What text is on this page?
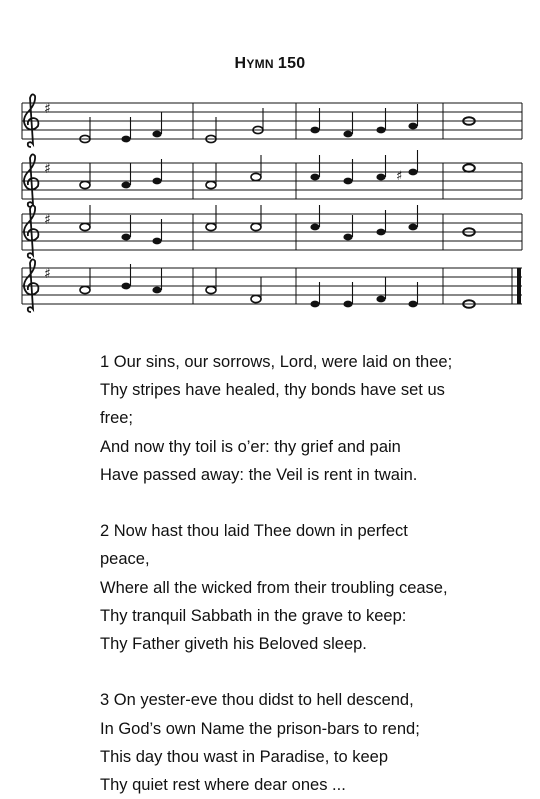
HYMN 150
♯
♯	♯
♯
♯
1 Our sins, our sorrows, Lord, were laid on thee;
Thy stripes have healed, thy bonds have set us
free;
And now thy toil is o’er: thy grief and pain
Have passed away: the Veil is rent in twain.
2 Now hast thou laid Thee down in perfect
peace,
Where all the wicked from their troubling cease,
Thy tranquil Sabbath in the grave to keep:
Thy Father giveth his Beloved sleep.
3 On yester-eve thou didst to hell descend,
In God’s own Name the prison-bars to rend;
This day thou wast in Paradise, to keep
Thy quiet rest where dear ones ...
